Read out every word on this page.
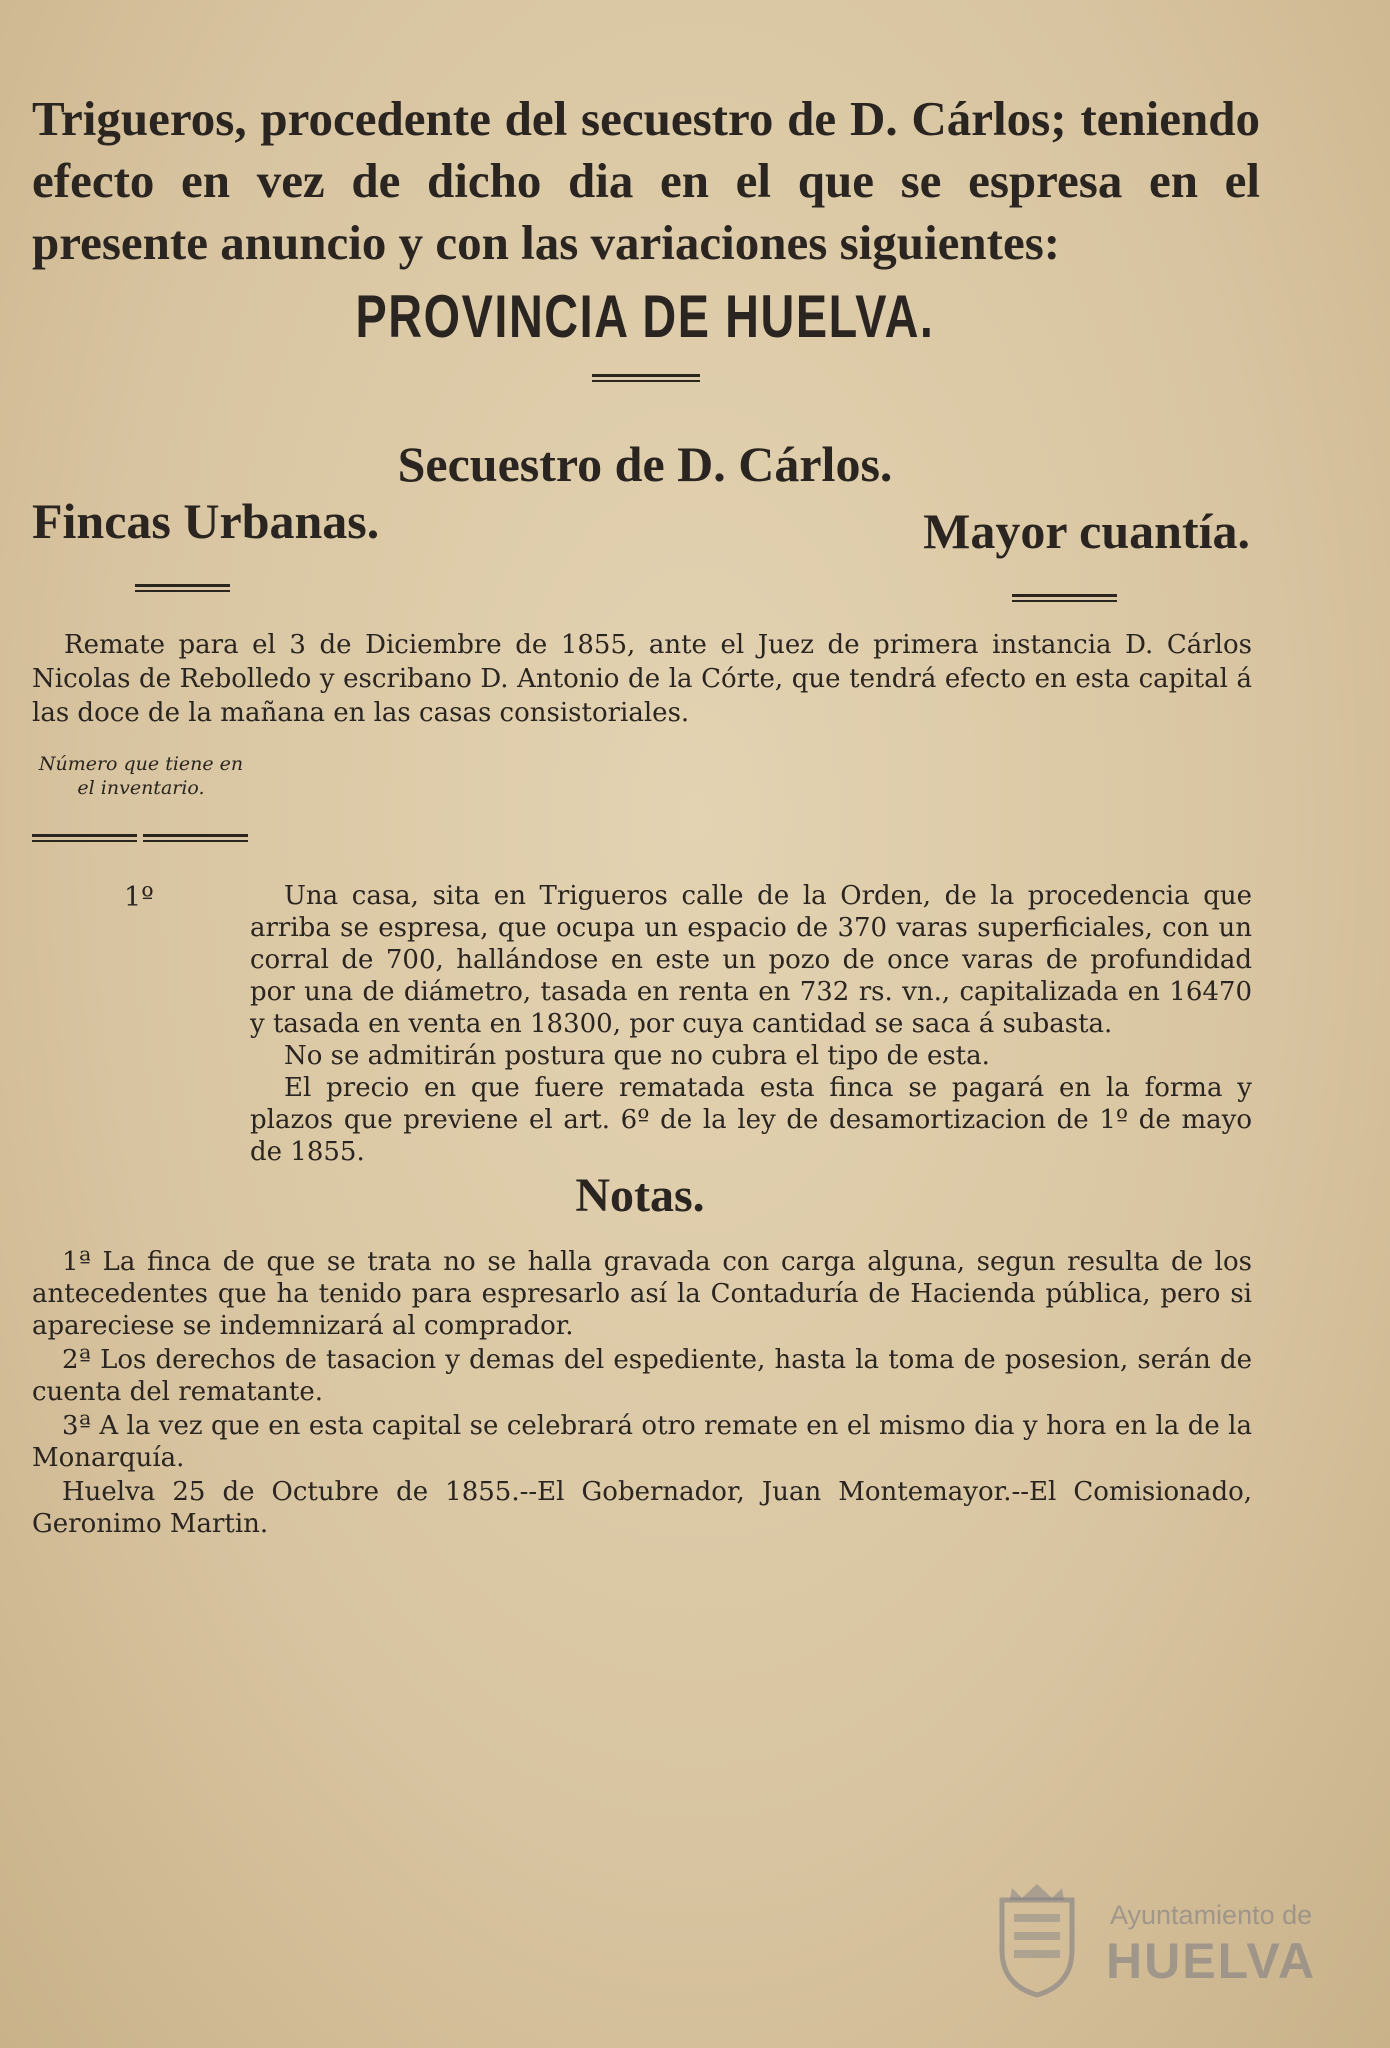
Trigueros, procedente del secuestro de D. Cárlos; teniendo efecto en vez de dicho dia en el que se espresa en el presente anuncio y con las variaciones siguientes:
PROVINCIA DE HUELVA.
Secuestro de D. Cárlos.
Fincas Urbanas.	Mayor cuantía.
Remate para el 3 de Diciembre de 1855, ante el Juez de primera instancia D. Cárlos Nicolas de Rebolledo y escribano D. Antonio de la Córte, que tendrá efecto en esta capital á las doce de la mañana en las casas consistoriales.
Número que tiene en el inventario.
1º	Una casa, sita en Trigueros calle de la Orden, de la procedencia que arriba se espresa, que ocupa un espacio de 370 varas superficiales, con un corral de 700, hallándose en este un pozo de once varas de profundidad por una de diámetro, tasada en renta en 732 rs. vn., capitalizada en 16470 y tasada en venta en 18300, por cuya cantidad se saca á subasta.

No se admitirán postura que no cubra el tipo de esta.

El precio en que fuere rematada esta finca se pagará en la forma y plazos que previene el art. 6º de la ley de desamortizacion de 1º de mayo de 1855.

Notas.

1ª La finca de que se trata no se halla gravada con carga alguna, segun resulta de los antecedentes que ha tenido para espresarlo así la Contaduría de Hacienda pública, pero si apareciese se indemnizará al comprador.

2ª Los derechos de tasacion y demas del espediente, hasta la toma de posesion, serán de cuenta del rematante.

3ª A la vez que en esta capital se celebrará otro remate en el mismo dia y hora en la de la Monarquía.

Huelva 25 de Octubre de 1855.--El Gobernador, Juan Montemayor.--El Comisionado, Geronimo Martin.

Ayuntamiento de
HUELVA
